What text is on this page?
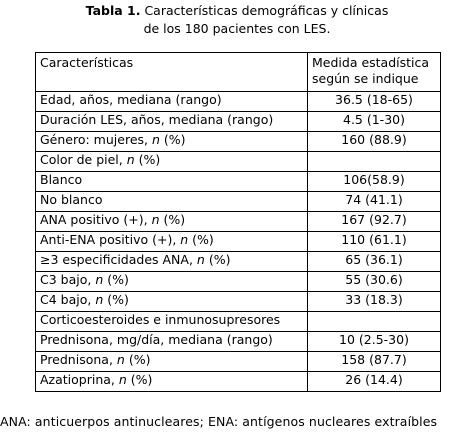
Tabla 1. Características demográficas y clínicas
de los 180 pacientes con LES.
Características	Medida estadística
según se indique

Edad, años, mediana (rango)	36.5 (18-65)
Duración LES, años, mediana (rango)	4.5 (1-30)
Género: mujeres, n (%)	160 (88.9)
Color de piel, n (%)	
Blanco	106(58.9)
No blanco	74 (41.1)
ANA positivo (+), n (%)	167 (92.7)
Anti-ENA positivo (+), n (%)	110 (61.1)
≥3 especificidades ANA, n (%)	65 (36.1)
C3 bajo, n (%)	55 (30.6)
C4 bajo, n (%)	33 (18.3)
Corticoesteroides e inmunosupresores	
Prednisona, mg/día, mediana (rango)	10 (2.5-30)
Prednisona, n (%)	158 (87.7)
Azatioprina, n (%)	26 (14.4)
ANA: anticuerpos antinucleares; ENA: antígenos nucleares extraíbles
